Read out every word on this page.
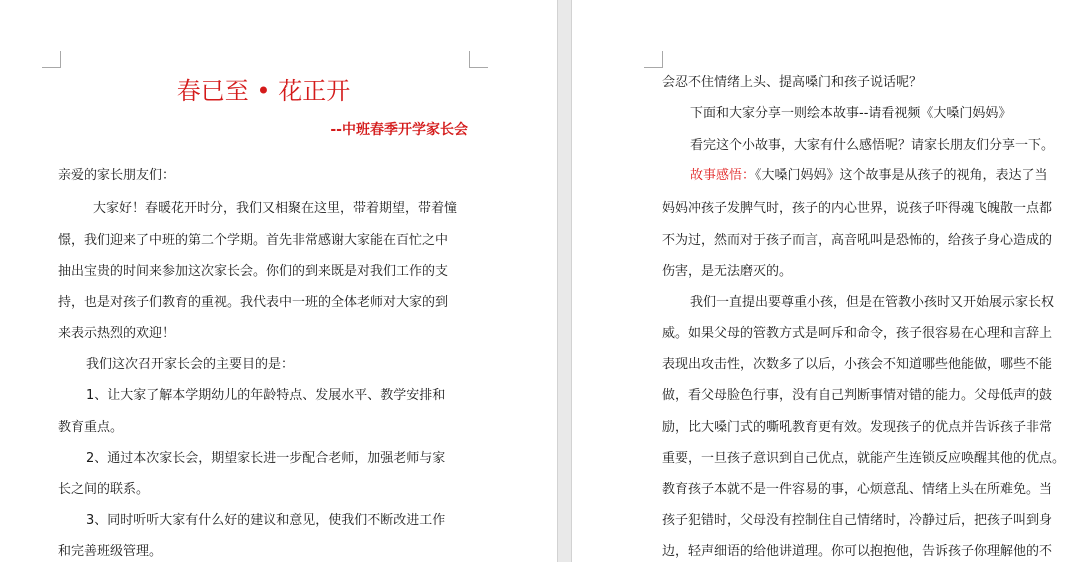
春已至 • 花正开
--中班春季开学家长会
亲爱的家长朋友们：
大家好！春暖花开时分，我们又相聚在这里，带着期望，带着憧
憬，我们迎来了中班的第二个学期。首先非常感谢大家能在百忙之中
抽出宝贵的时间来参加这次家长会。你们的到来既是对我们工作的支
持，也是对孩子们教育的重视。我代表中一班的全体老师对大家的到
来表示热烈的欢迎！
我们这次召开家长会的主要目的是：
1、让大家了解本学期幼儿的年龄特点、发展水平、教学安排和
教育重点。
2、通过本次家长会，期望家长进一步配合老师，加强老师与家
长之间的联系。
3、同时听听大家有什么好的建议和意见，使我们不断改进工作
和完善班级管理。
会忍不住情绪上头、提高嗓门和孩子说话呢？
下面和大家分享一则绘本故事--请看视频《大嗓门妈妈》
看完这个小故事，大家有什么感悟呢？请家长朋友们分享一下。
故事感悟：《大嗓门妈妈》这个故事是从孩子的视角，表达了当
妈妈冲孩子发脾气时，孩子的内心世界，说孩子吓得魂飞魄散一点都
不为过，然而对于孩子而言，高音吼叫是恐怖的，给孩子身心造成的
伤害，是无法磨灭的。
我们一直提出要尊重小孩，但是在管教小孩时又开始展示家长权
威。如果父母的管教方式是呵斥和命令，孩子很容易在心理和言辞上
表现出攻击性，次数多了以后，小孩会不知道哪些他能做，哪些不能
做，看父母脸色行事，没有自己判断事情对错的能力。父母低声的鼓
励，比大嗓门式的嘶吼教育更有效。发现孩子的优点并告诉孩子非常
重要，一旦孩子意识到自己优点，就能产生连锁反应唤醒其他的优点。
教育孩子本就不是一件容易的事，心烦意乱、情绪上头在所难免。当
孩子犯错时，父母没有控制住自己情绪时，冷静过后，把孩子叫到身
边，轻声细语的给他讲道理。你可以抱抱他，告诉孩子你理解他的不
